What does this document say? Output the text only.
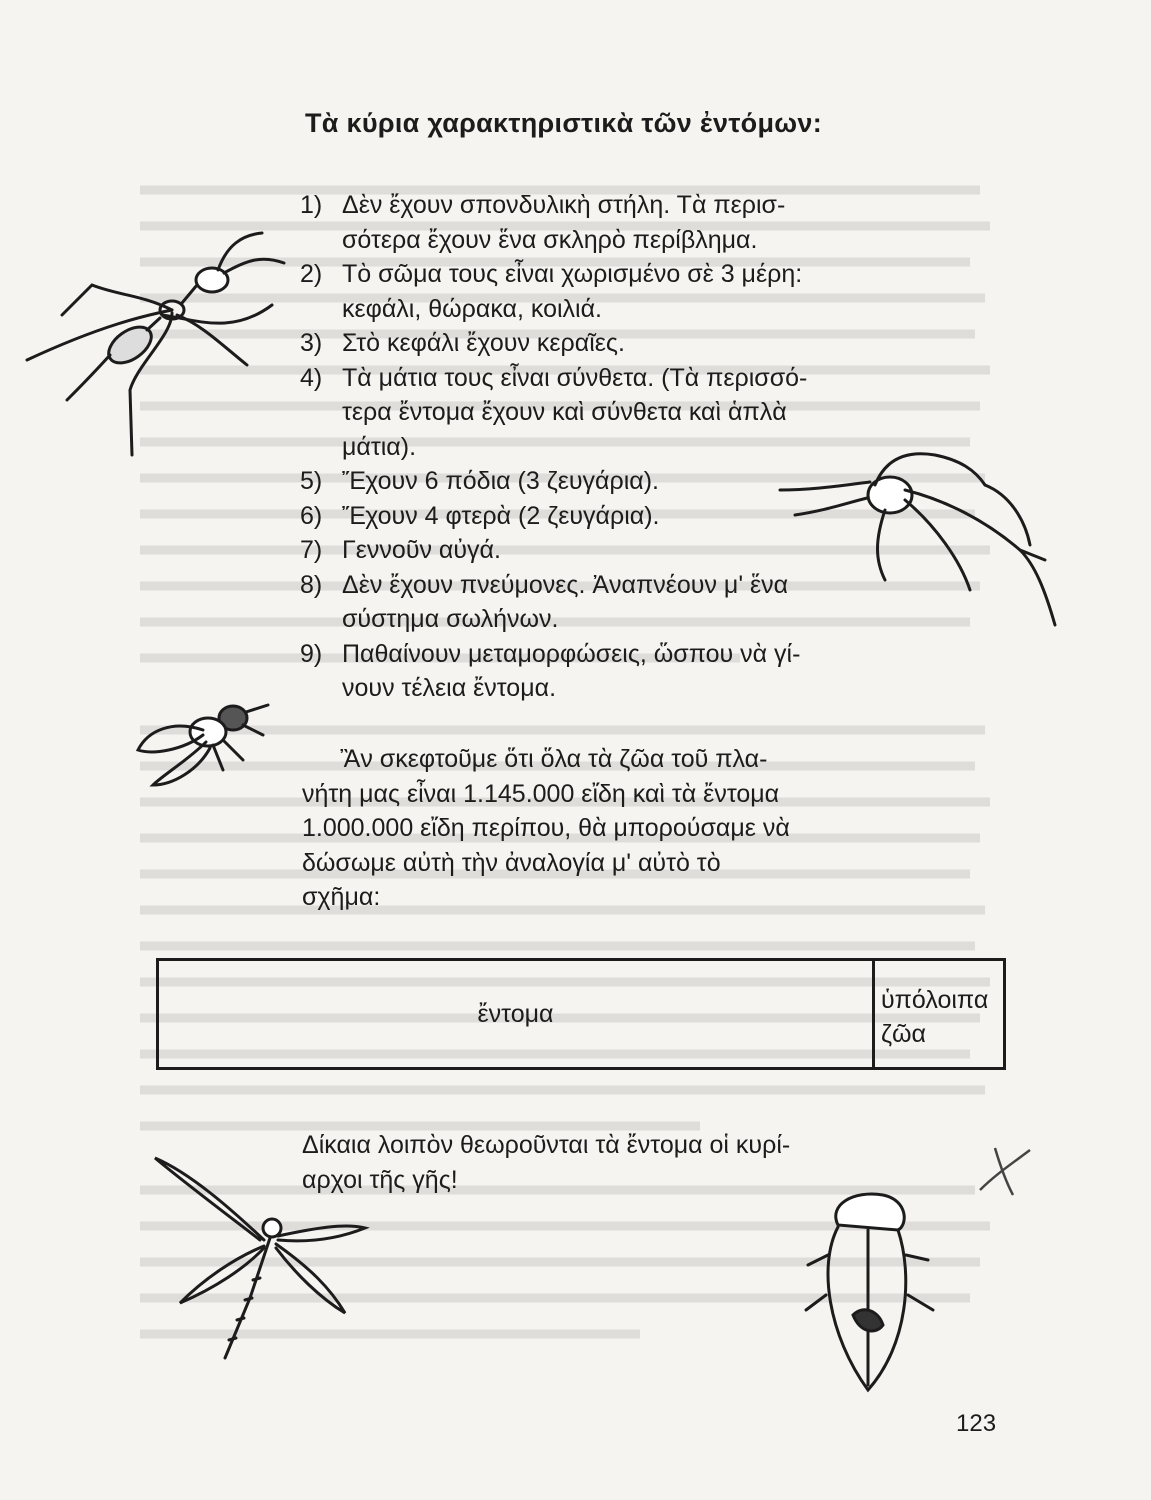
Τὰ κύρια χαρακτηριστικὰ τῶν ἐντόμων:
1) Δὲν ἔχουν σπονδυλικὴ στήλη. Τὰ περισ-
σότερα ἔχουν ἕνα σκληρὸ περίβλημα.
2) Τὸ σῶμα τους εἶναι χωρισμένο σὲ 3 μέρη:
κεφάλι, θώρακα, κοιλιά.
3) Στὸ κεφάλι ἔχουν κεραῖες.
4) Τὰ μάτια τους εἶναι σύνθετα. (Τὰ περισσό-
τερα ἔντομα ἔχουν καὶ σύνθετα καὶ ἁπλὰ
μάτια).
5) Ἔχουν 6 πόδια (3 ζευγάρια).
6) Ἔχουν 4 φτερὰ (2 ζευγάρια).
7) Γεννοῦν αὐγά.
8) Δὲν ἔχουν πνεύμονες. Ἀναπνέουν μ' ἕνα
σύστημα σωλήνων.
9) Παθαίνουν μεταμορφώσεις, ὥσπου νὰ γί-
νουν τέλεια ἔντομα.
Ἂν σκεφτοῦμε ὅτι ὅλα τὰ ζῶα τοῦ πλα-
νήτη μας εἶναι 1.145.000 εἴδη καὶ τὰ ἔντομα
1.000.000 εἴδη περίπου, θὰ μπορούσαμε νὰ
δώσωμε αὐτὴ τὴν ἀναλογία μ' αὐτὸ τὸ
σχῆμα:
ἔντομα	ὑπόλοιπα
ζῶα
Δίκαια λοιπὸν θεωροῦνται τὰ ἔντομα οἱ κυρί-
αρχοι τῆς γῆς!
123
